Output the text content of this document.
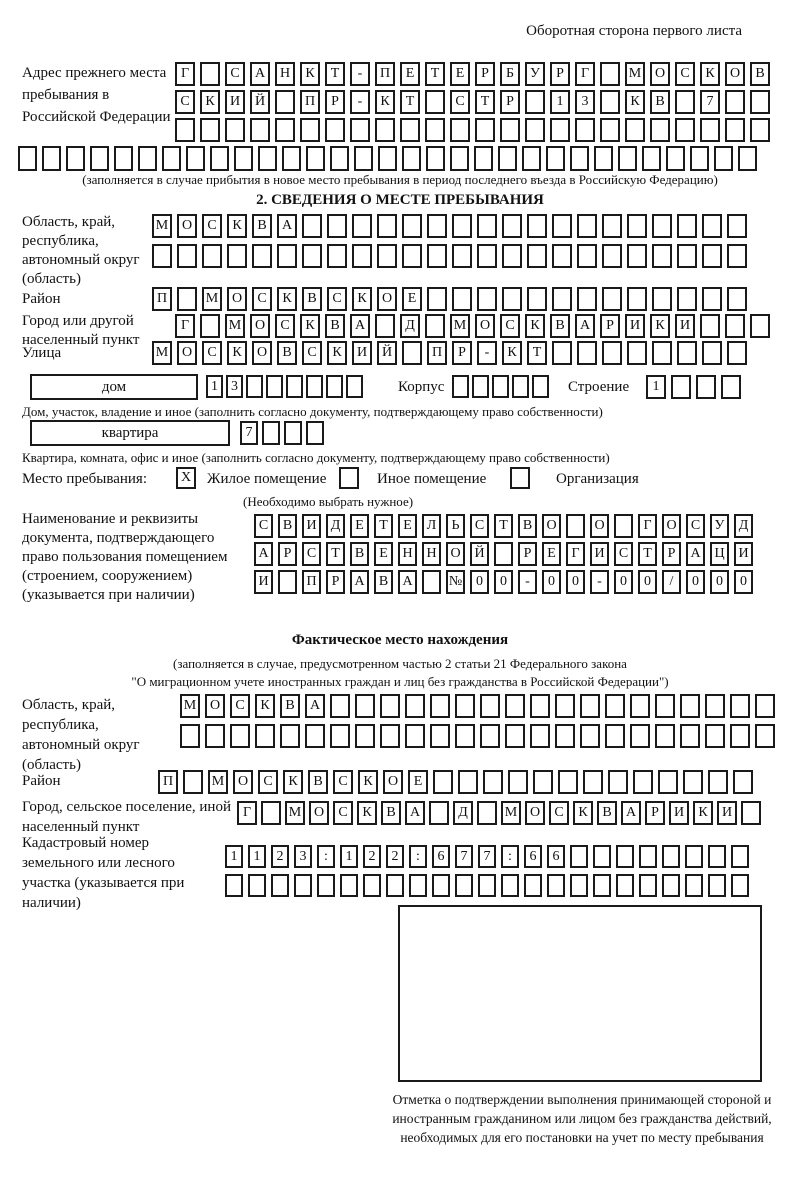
Оборотная сторона первого листа
Адрес прежнего места пребывания в Российской Федерации
Г	С	А	Н	К	Т	-	П	Е	Т	Е	Р	Б	У	Р	Г	М О	С	К	О	В
С	К	И	Й	П	Р	-	К	Т	С	Т	Р	1	3	К	В	7
(заполняется в случае прибытия в новое место пребывания в период последнего въезда в Российскую Федерацию)
2. СВЕДЕНИЯ О МЕСТЕ ПРЕБЫВАНИЯ
Область, край, республика, автономный округ (область)
М О	С	К	В	А
Район	П	М О	С	К	В	С	К	О	Е
Город или другой населенный пункт
Г	М О	С	К	В	А	Д	М О	С	К	В	А	Р	И	К	И
Улица	М О	С	К	О	В	С	К	И	Й	П	Р	-	К	Т
дом	1 3	Корпус	Строение	1
Дом, участок, владение и иное (заполнить согласно документу, подтверждающему право собственности)
квартира	7
Квартира, комната, офис и иное (заполнить согласно документу, подтверждающему право собственности)
Место пребывания:	X	Жилое помещение	Иное помещение	Организация
(Необходимо выбрать нужное)
Наименование и реквизиты документа, подтверждающего право пользования помещением (строением, сооружением) (указывается при наличии)
С	В	И	Д	Е	Т	Е	Л	Ь	С	Т	В	О	О	Г	О	С	У	Д
А	Р	С	Т	В	Е	Н Н О Й	Р	Е	Г	И	С	Т	Р	А Ц И
И	П	Р	А	В	А	№ 0	0	-	0	0	-	0	0	/	0	0	0
Фактическое место нахождения
(заполняется в случае, предусмотренном частью 2 статьи 21 Федерального закона
"О миграционном учете иностранных граждан и лиц без гражданства в Российской Федерации")
Область, край, республика, автономный округ (область)
М О	С	К	В	А
Район	П	М О	С	К	В	С	К	О	Е
Город, сельское поселение, иной населенный пункт
Г	М О	С	К	В	А	Д	М О	С	К	В	А	Р	И	К	И
Кадастровый номер земельного или лесного участка (указывается при наличии)
1	1	2	3	:	1	2	2	:	6	7	7	:	6	6
Отметка о подтверждении выполнения принимающей стороной и иностранным гражданином или лицом без гражданства действий, необходимых для его постановки на учет по месту пребывания
